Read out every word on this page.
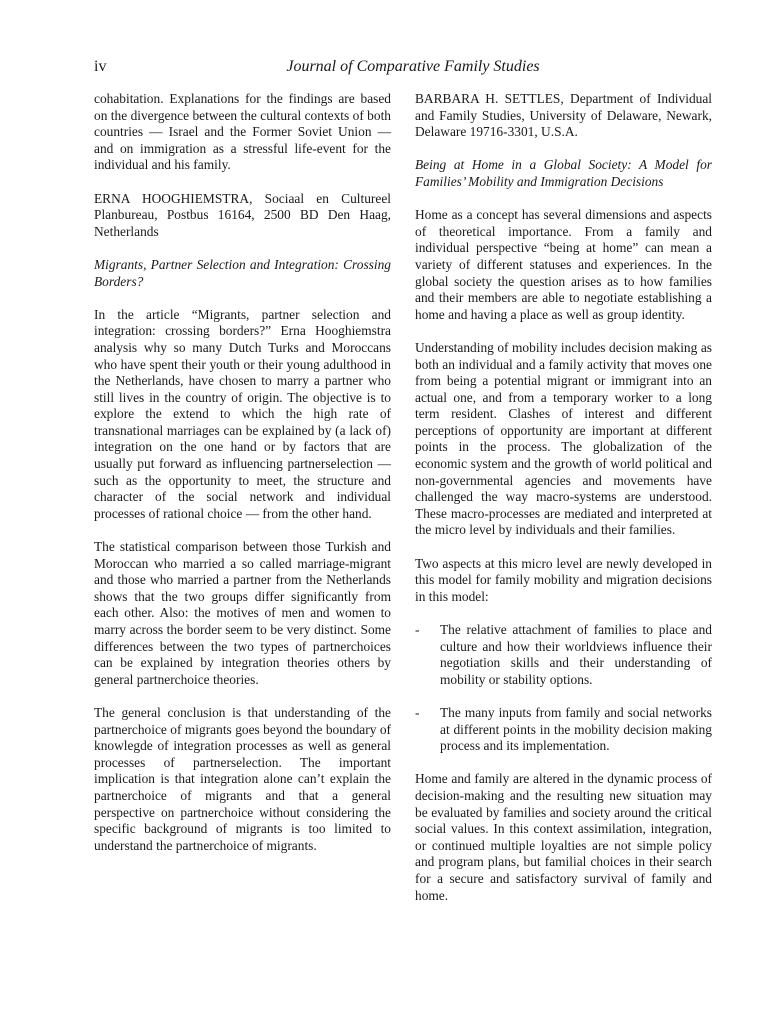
iv	Journal of Comparative Family Studies

cohabitation. Explanations for the findings are based on the divergence between the cultural contexts of both countries — Israel and the Former Soviet Union — and on immigration as a stressful life-event for the individual and his family.

ERNA HOOGHIEMSTRA, Sociaal en Cultureel Planbureau, Postbus 16164, 2500 BD Den Haag, Netherlands

Migrants, Partner Selection and Integration: Crossing Borders?

In the article “Migrants, partner selection and integration: crossing borders?” Erna Hooghiemstra analysis why so many Dutch Turks and Moroccans who have spent their youth or their young adulthood in the Netherlands, have chosen to marry a partner who still lives in the country of origin. The objective is to explore the extend to which the high rate of transnational marriages can be explained by (a lack of) integration on the one hand or by factors that are usually put forward as influencing partnerselection — such as the opportunity to meet, the structure and character of the social network and individual processes of rational choice — from the other hand.

The statistical comparison between those Turkish and Moroccan who married a so called marriage-migrant and those who married a partner from the Netherlands shows that the two groups differ significantly from each other. Also: the motives of men and women to marry across the border seem to be very distinct. Some differences between the two types of partnerchoices can be explained by integration theories others by general partnerchoice theories.

The general conclusion is that understanding of the partnerchoice of migrants goes beyond the boundary of knowlegde of integration processes as well as general processes of partnerselection. The important implication is that integration alone can’t explain the partnerchoice of migrants and that a general perspective on partnerchoice without considering the specific background of migrants is too limited to understand the partnerchoice of migrants.

BARBARA H. SETTLES, Department of Individual and Family Studies, University of Delaware, Newark, Delaware 19716-3301, U.S.A.

Being at Home in a Global Society: A Model for Families’ Mobility and Immigration Decisions

Home as a concept has several dimensions and aspects of theoretical importance. From a family and individual perspective “being at home” can mean a variety of different statuses and experiences. In the global society the question arises as to how families and their members are able to negotiate establishing a home and having a place as well as group identity.

Understanding of mobility includes decision making as both an individual and a family activity that moves one from being a potential migrant or immigrant into an actual one, and from a temporary worker to a long term resident. Clashes of interest and different perceptions of opportunity are important at different points in the process. The globalization of the economic system and the growth of world political and non-governmental agencies and movements have challenged the way macro-systems are understood. These macro-processes are mediated and interpreted at the micro level by individuals and their families.

Two aspects at this micro level are newly developed in this model for family mobility and migration decisions in this model:

- The relative attachment of families to place and culture and how their worldviews influence their negotiation skills and their understanding of mobility or stability options.
- The many inputs from family and social networks at different points in the mobility decision making process and its implementation.

Home and family are altered in the dynamic process of decision-making and the resulting new situation may be evaluated by families and society around the critical social values. In this context assimilation, integration, or continued multiple loyalties are not simple policy and program plans, but familial choices in their search for a secure and satisfactory survival of family and home.
